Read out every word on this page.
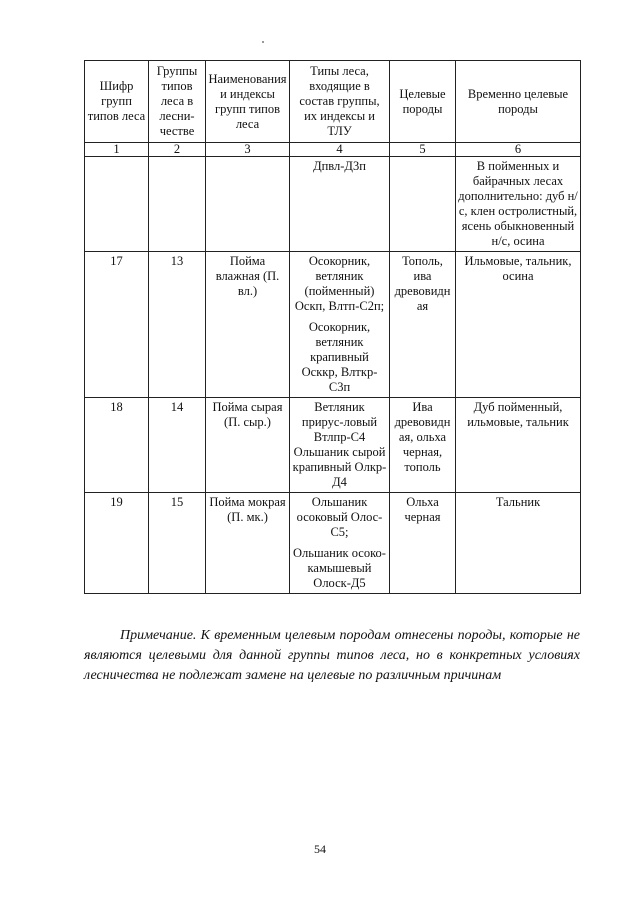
Шифр групп типов леса	Группы типов леса в лесни-честве	Наименованияи индексы групп типов леса	Типы леса, входящие в состав группы, их индексы и ТЛУ	Целевые породы	Временно целевые породы
1	2	3	4	5	6

			Дпвл-Д3п		В пойменных и байрачных лесах дополнительно: дуб н/с, клен остролистный, ясень обыкновенный н/с, осина
17	13	Пойма влажная (П. вл.)	Осокорник, ветляник (пойменный) Оскп, Влтп-С2п;
Осокорник, ветляник крапивный Осккр, Влткр-С3п	Тополь, ива древовидн ая	Ильмовые, тальник, осина
18	14	Пойма сырая (П. сыр.)	Ветляник прирус-ловый Втлпр-С4
Ольшаник сырой крапивный Олкр-Д4	Ива древовидн ая, ольха черная, тополь	Дуб пойменный, ильмовые, тальник
19	15	Пойма мокрая (П. мк.)	Ольшаник осоковый Олос-С5;
Ольшаник осоко-камышевый Олоск-Д5	Ольха черная	Тальник
Примечание. К временным целевым породам отнесены породы, которые не являются целевыми для данной группы типов леса, но в конкретных условиях лесничества не подлежат замене на целевые по различным причинам
54
